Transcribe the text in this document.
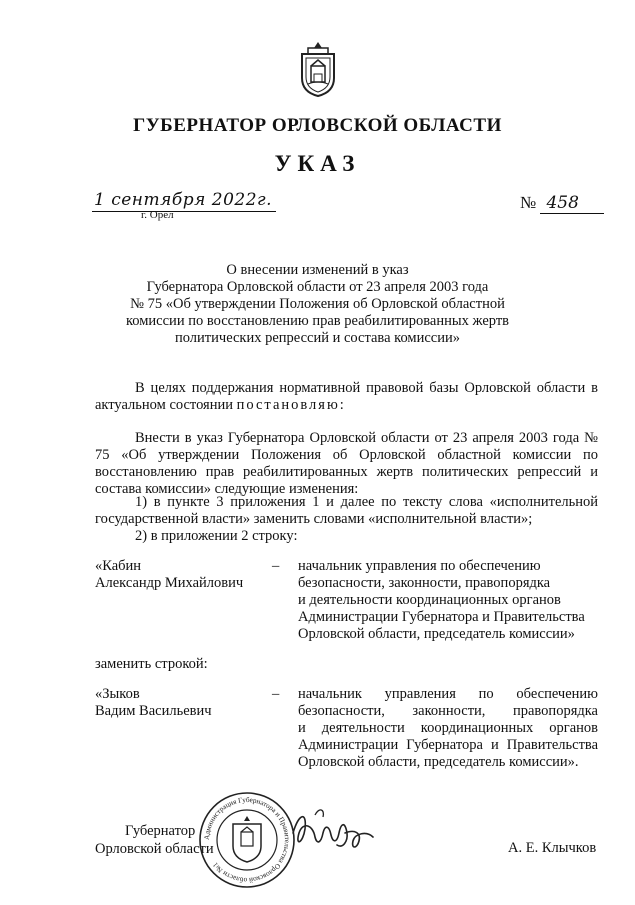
ГУБЕРНАТОР ОРЛОВСКОЙ ОБЛАСТИ
УКАЗ
1 сентября 2022г.
г. Орёл
№ 458
О внесении изменений в указ
Губернатора Орловской области от 23 апреля 2003 года
№ 75 «Об утверждении Положения об Орловской областной
комиссии по восстановлению прав реабилитированных жертв
политических репрессий и состава комиссии»

В целях поддержания нормативной правовой базы Орловской области в актуальном состоянии постановляю:

Внести в указ Губернатора Орловской области от 23 апреля 2003 года № 75 «Об утверждении Положения об Орловской областной комиссии по восстановлению прав реабилитированных жертв политических репрессий и состава комиссии» следующие изменения:

1) в пункте 3 приложения 1 и далее по тексту слова «исполнительной государственной власти» заменить словами «исполнительной власти»;

2) в приложении 2 строку:

«Кабин
Александр Михайлович
– начальник управления по обеспечению
безопасности, законности, правопорядка
и деятельности координационных органов
Администрации Губернатора и Правительства
Орловской области, председатель комиссии»
заменить строкой:
«Зыков
Вадим Васильевич
– начальник управления по обеспечению
безопасности, законности, правопорядка
и деятельности координационных органов
Администрации Губернатора и Правительства
Орловской области, председатель комиссии».
Губернатор
Орловской области
Администрация Губернатора и Правительства Орловской области №1
А. Е. Клычков
